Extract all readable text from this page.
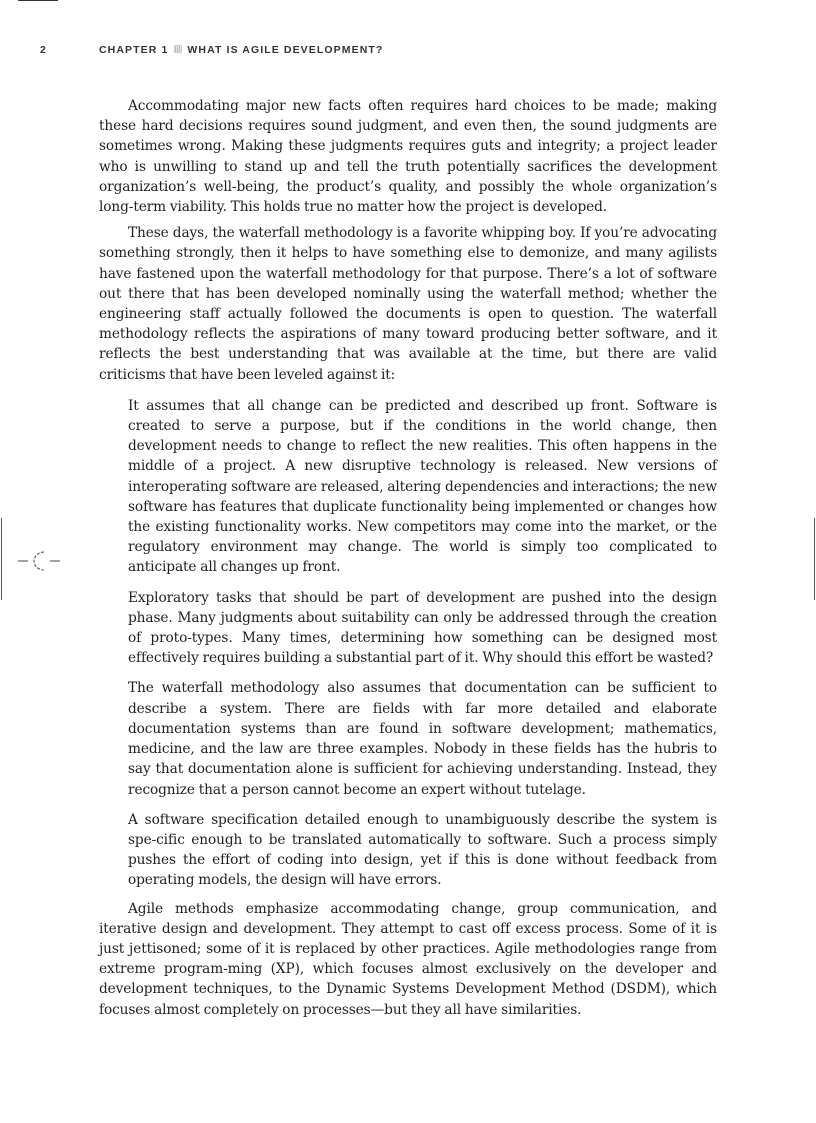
2	CHAPTER 1 WHAT IS AGILE DEVELOPMENT?

Accommodating major new facts often requires hard choices to be made; making these hard decisions requires sound judgment, and even then, the sound judgments are sometimes wrong. Making these judgments requires guts and integrity; a project leader who is unwilling to stand up and tell the truth potentially sacrifices the development organization’s well-being, the product’s quality, and possibly the whole organization’s long-term viability. This holds true no matter how the project is developed.

These days, the waterfall methodology is a favorite whipping boy. If you’re advocating something strongly, then it helps to have something else to demonize, and many agilists have fastened upon the waterfall methodology for that purpose. There’s a lot of software out there that has been developed nominally using the waterfall method; whether the engineering staff actually followed the documents is open to question. The waterfall methodology reflects the aspirations of many toward producing better software, and it reflects the best understanding that was available at the time, but there are valid criticisms that have been leveled against it:

It assumes that all change can be predicted and described up front. Software is created to serve a purpose, but if the conditions in the world change, then development needs to change to reflect the new realities. This often happens in the middle of a project. A new disruptive technology is released. New versions of interoperating software are released, altering dependencies and interactions; the new software has features that duplicate functionality being implemented or changes how the existing functionality works. New competitors may come into the market, or the regulatory environment may change. The world is simply too complicated to anticipate all changes up front.

Exploratory tasks that should be part of development are pushed into the design phase. Many judgments about suitability can only be addressed through the creation of proto-types. Many times, determining how something can be designed most effectively requires building a substantial part of it. Why should this effort be wasted?

The waterfall methodology also assumes that documentation can be sufficient to describe a system. There are fields with far more detailed and elaborate documentation systems than are found in software development; mathematics, medicine, and the law are three examples. Nobody in these fields has the hubris to say that documentation alone is sufficient for achieving understanding. Instead, they recognize that a person cannot become an expert without tutelage.

A software specification detailed enough to unambiguously describe the system is spe-cific enough to be translated automatically to software. Such a process simply pushes the effort of coding into design, yet if this is done without feedback from operating models, the design will have errors.

Agile methods emphasize accommodating change, group communication, and iterative design and development. They attempt to cast off excess process. Some of it is just jettisoned; some of it is replaced by other practices. Agile methodologies range from extreme program-ming (XP), which focuses almost exclusively on the developer and development techniques, to the Dynamic Systems Development Method (DSDM), which focuses almost completely on processes—but they all have similarities.
